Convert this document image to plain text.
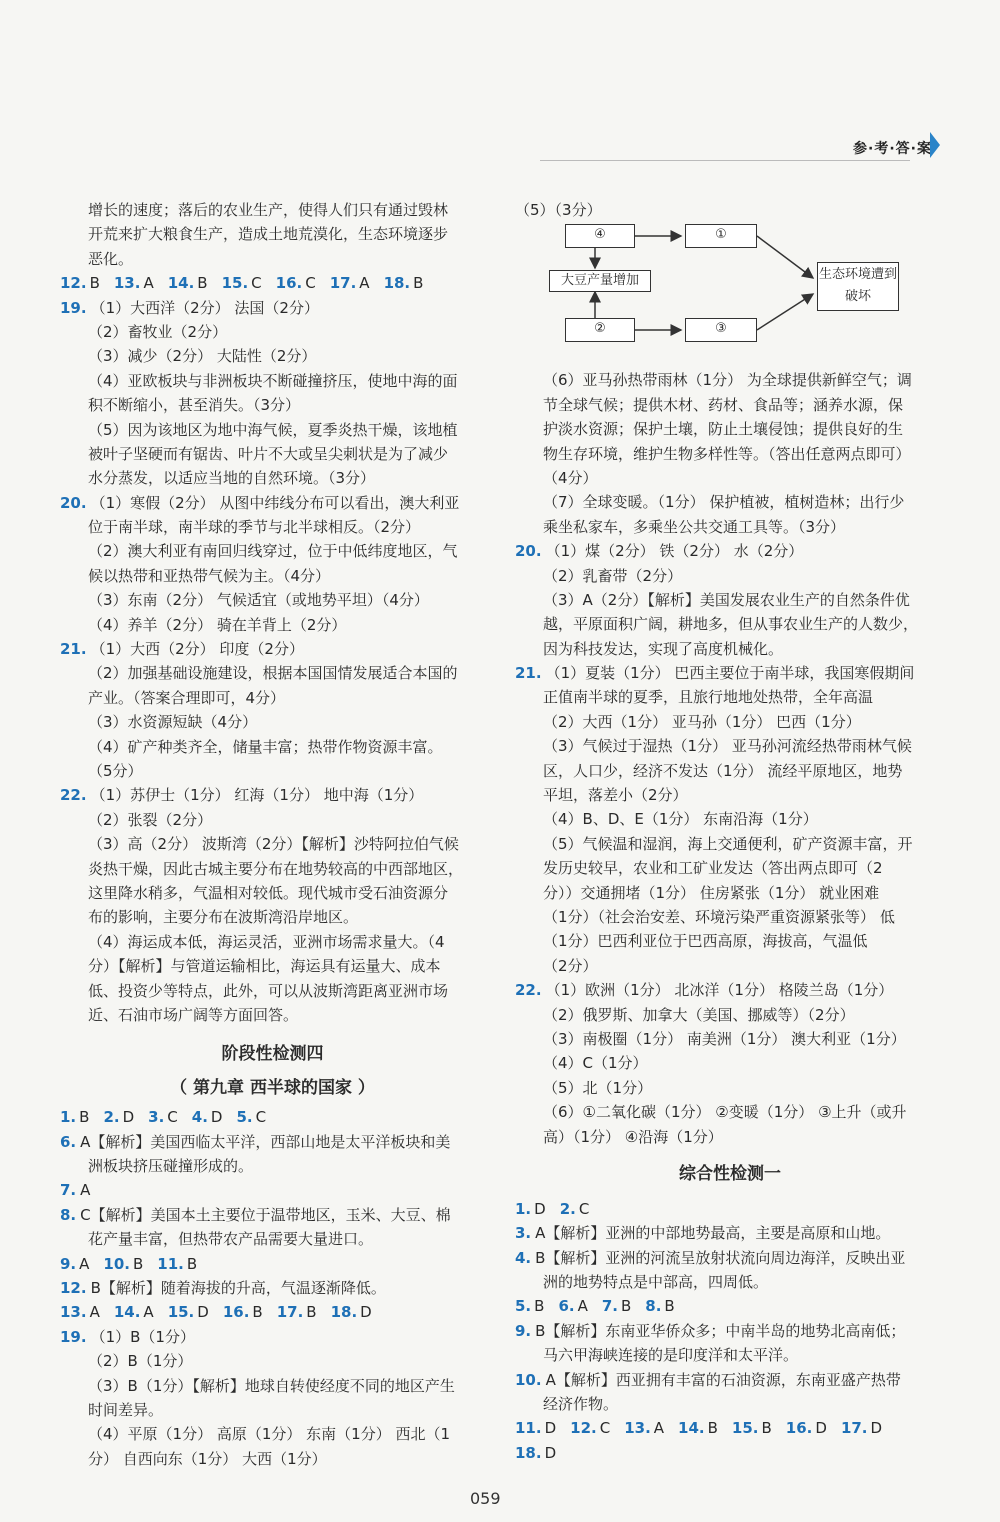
参·考·答·案
增长的速度；落后的农业生产，使得人们只有通过毁林
开荒来扩大粮食生产，造成土地荒漠化，生态环境逐步
恶化。
12. B 13. A 14. B 15. C 16. C 17. A 18. B
19. （1）大西洋（2分） 法国（2分）
（2）畜牧业（2分）
（3）减少（2分） 大陆性（2分）
（4）亚欧板块与非洲板块不断碰撞挤压，使地中海的面
积不断缩小，甚至消失。（3分）
（5）因为该地区为地中海气候，夏季炎热干燥，该地植
被叶子坚硬而有锯齿、叶片不大或呈尖刺状是为了减少
水分蒸发，以适应当地的自然环境。（3分）
20. （1）寒假（2分） 从图中纬线分布可以看出，澳大利亚
位于南半球，南半球的季节与北半球相反。（2分）
（2）澳大利亚有南回归线穿过，位于中低纬度地区，气
候以热带和亚热带气候为主。（4分）
（3）东南（2分） 气候适宜（或地势平坦）（4分）
（4）养羊（2分） 骑在羊背上（2分）
21. （1）大西（2分） 印度（2分）
（2）加强基础设施建设，根据本国国情发展适合本国的
产业。（答案合理即可，4分）
（3）水资源短缺（4分）
（4）矿产种类齐全，储量丰富；热带作物资源丰富。
（5分）
22. （1）苏伊士（1分） 红海（1分） 地中海（1分）
（2）张裂（2分）
（3）高（2分） 波斯湾（2分）【解析】沙特阿拉伯气候
炎热干燥，因此古城主要分布在地势较高的中西部地区，
这里降水稍多，气温相对较低。现代城市受石油资源分
布的影响，主要分布在波斯湾沿岸地区。
（4）海运成本低，海运灵活，亚洲市场需求量大。（4
分）【解析】与管道运输相比，海运具有运量大、成本
低、投资少等特点，此外，可以从波斯湾距离亚洲市场
近、石油市场广阔等方面回答。
阶段性检测四
（ 第九章 西半球的国家 ）
1. B 2. D 3. C 4. D 5. C
6. A【解析】美国西临太平洋，西部山地是太平洋板块和美
洲板块挤压碰撞形成的。
7. A
8. C【解析】美国本土主要位于温带地区，玉米、大豆、棉
花产量丰富，但热带农产品需要大量进口。
9. A 10. B 11. B
12. B【解析】随着海拔的升高，气温逐渐降低。
13. A 14. A 15. D 16. B 17. B 18. D
19. （1）B（1分）
（2）B（1分）
（3）B（1分）【解析】地球自转使经度不同的地区产生
时间差异。
（4）平原（1分） 高原（1分） 东南（1分） 西北（1
分） 自西向东（1分） 大西（1分）
（5）（3分）
④	①
大豆产量增加
②	③
生态环境遭到破坏
（6）亚马孙热带雨林（1分） 为全球提供新鲜空气；调
节全球气候；提供木材、药材、食品等；涵养水源，保
护淡水资源；保护土壤，防止土壤侵蚀；提供良好的生
物生存环境，维护生物多样性等。（答出任意两点即可）
（4分）
（7）全球变暖。（1分） 保护植被，植树造林；出行少
乘坐私家车，多乘坐公共交通工具等。（3分）
20. （1）煤（2分） 铁（2分） 水（2分）
（2）乳畜带（2分）
（3）A（2分）【解析】美国发展农业生产的自然条件优
越，平原面积广阔，耕地多，但从事农业生产的人数少，
因为科技发达，实现了高度机械化。
21. （1）夏装（1分） 巴西主要位于南半球，我国寒假期间
正值南半球的夏季，且旅行地地处热带，全年高温
（2）大西（1分） 亚马孙（1分） 巴西（1分）
（3）气候过于湿热（1分） 亚马孙河流经热带雨林气候
区，人口少，经济不发达（1分） 流经平原地区，地势
平坦，落差小（2分）
（4）B、D、E（1分） 东南沿海（1分）
（5）气候温和湿润，海上交通便利，矿产资源丰富，开
发历史较早，农业和工矿业发达（答出两点即可（2
分））交通拥堵（1分） 住房紧张（1分） 就业困难
（1分）（社会治安差、环境污染严重资源紧张等） 低
（1分）巴西利亚位于巴西高原，海拔高，气温低
（2分）
22. （1）欧洲（1分） 北冰洋（1分） 格陵兰岛（1分）
（2）俄罗斯、加拿大（美国、挪威等）（2分）
（3）南极圈（1分） 南美洲（1分） 澳大利亚（1分）
（4）C（1分）
（5）北（1分）
（6）①二氧化碳（1分） ②变暖（1分） ③上升（或升
高）（1分） ④沿海（1分）
综合性检测一
1. D 2. C
3. A【解析】亚洲的中部地势最高，主要是高原和山地。
4. B【解析】亚洲的河流呈放射状流向周边海洋，反映出亚
洲的地势特点是中部高，四周低。
5. B 6. A 7. B 8. B
9. B【解析】东南亚华侨众多；中南半岛的地势北高南低；
马六甲海峡连接的是印度洋和太平洋。
10. A【解析】西亚拥有丰富的石油资源，东南亚盛产热带
经济作物。
11. D 12. C 13. A 14. B 15. B 16. D 17. D
18. D
059
